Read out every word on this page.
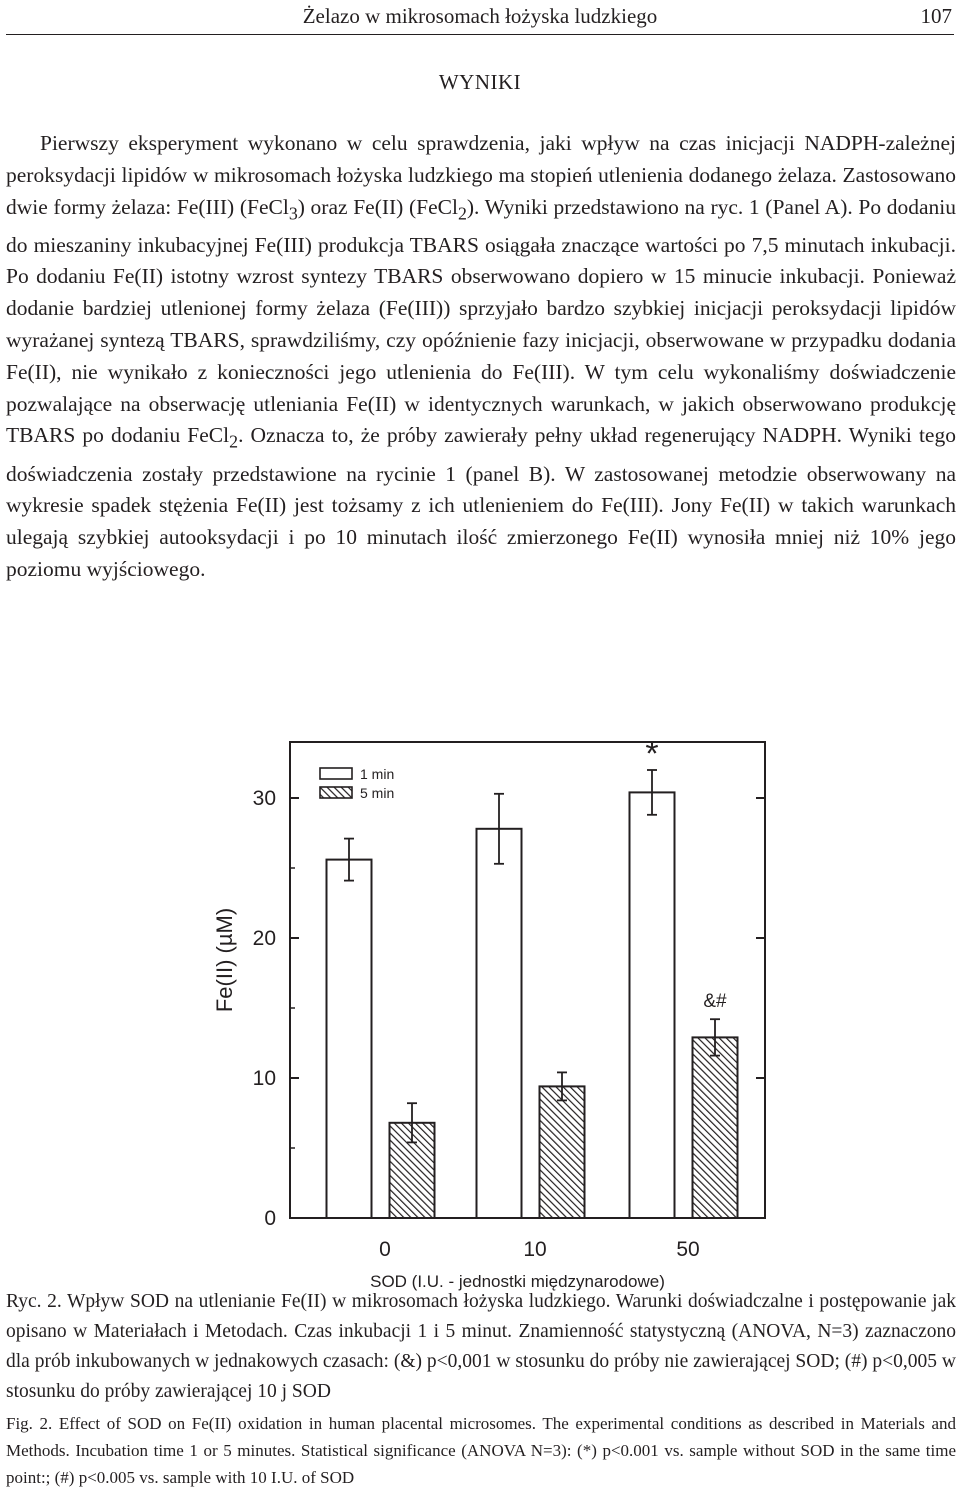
Żelazo w mikrosomach łożyska ludzkiego	107
WYNIKI

Pierwszy eksperyment wykonano w celu sprawdzenia, jaki wpływ na czas inicjacji NADPH-zależnej peroksydacji lipidów w mikrosomach łożyska ludzkiego ma stopień utlenienia dodanego żelaza. Zastosowano dwie formy żelaza: Fe(III) (FeCl$_3$) oraz Fe(II) (FeCl$_2$). Wyniki przedstawiono na ryc. 1 (Panel A). Po dodaniu do mieszaniny inkubacyjnej Fe(III) produkcja TBARS osiągała znaczące wartości po 7,5 minutach inkubacji. Po dodaniu Fe(II) istotny wzrost syntezy TBARS obserwowano dopiero w 15 minucie inkubacji. Ponieważ dodanie bardziej utlenionej formy żelaza (Fe(III)) sprzyjało bardzo szybkiej inicjacji peroksydacji lipidów wyrażanej syntezą TBARS, sprawdziliśmy, czy opóźnienie fazy inicjacji, obserwowane w przypadku dodania Fe(II), nie wynikało z konieczności jego utlenienia do Fe(III). W tym celu wykonaliśmy doświadczenie pozwalające na obserwację utleniania Fe(II) w identycznych warunkach, w jakich obserwowano produkcję TBARS po dodaniu FeCl$_2$. Oznacza to, że próby zawierały pełny układ regenerujący NADPH. Wyniki tego doświadczenia zostały przedstawione na rycinie 1 (panel B). W zastosowanej metodzie obserwowany na wykresie spadek stężenia Fe(II) jest tożsamy z ich utlenieniem do Fe(III). Jony Fe(II) w takich warunkach ulegają szybkiej autooksydacji i po 10 minutach ilość zmierzonego Fe(II) wynosiła mniej niż 10% jego poziomu wyjściowego.

0
10
20
30
Fe(II) (µM)
0	10	50
*
&#
SOD (I.U. - jednostki międzynarodowe)
1 min
5 min

Ryc. 2. Wpływ SOD na utlenianie Fe(II) w mikrosomach łożyska ludzkiego. Warunki doświadczalne i postępowanie jak opisano w Materiałach i Metodach. Czas inkubacji 1 i 5 minut. Znamienność statystyczną (ANOVA, N=3) zaznaczono dla prób inkubowanych w jednakowych czasach: (&) p<0,001 w stosunku do próby nie zawierającej SOD; (#) p<0,005 w stosunku do próby zawierającej 10 j SOD

Fig. 2. Effect of SOD on Fe(II) oxidation in human placental microsomes. The experimental conditions as described in Materials and Methods. Incubation time 1 or 5 minutes. Statistical significance (ANOVA N=3): (*) p<0.001 vs. sample without SOD in the same time point:; (#) p<0.005 vs. sample with 10 I.U. of SOD
